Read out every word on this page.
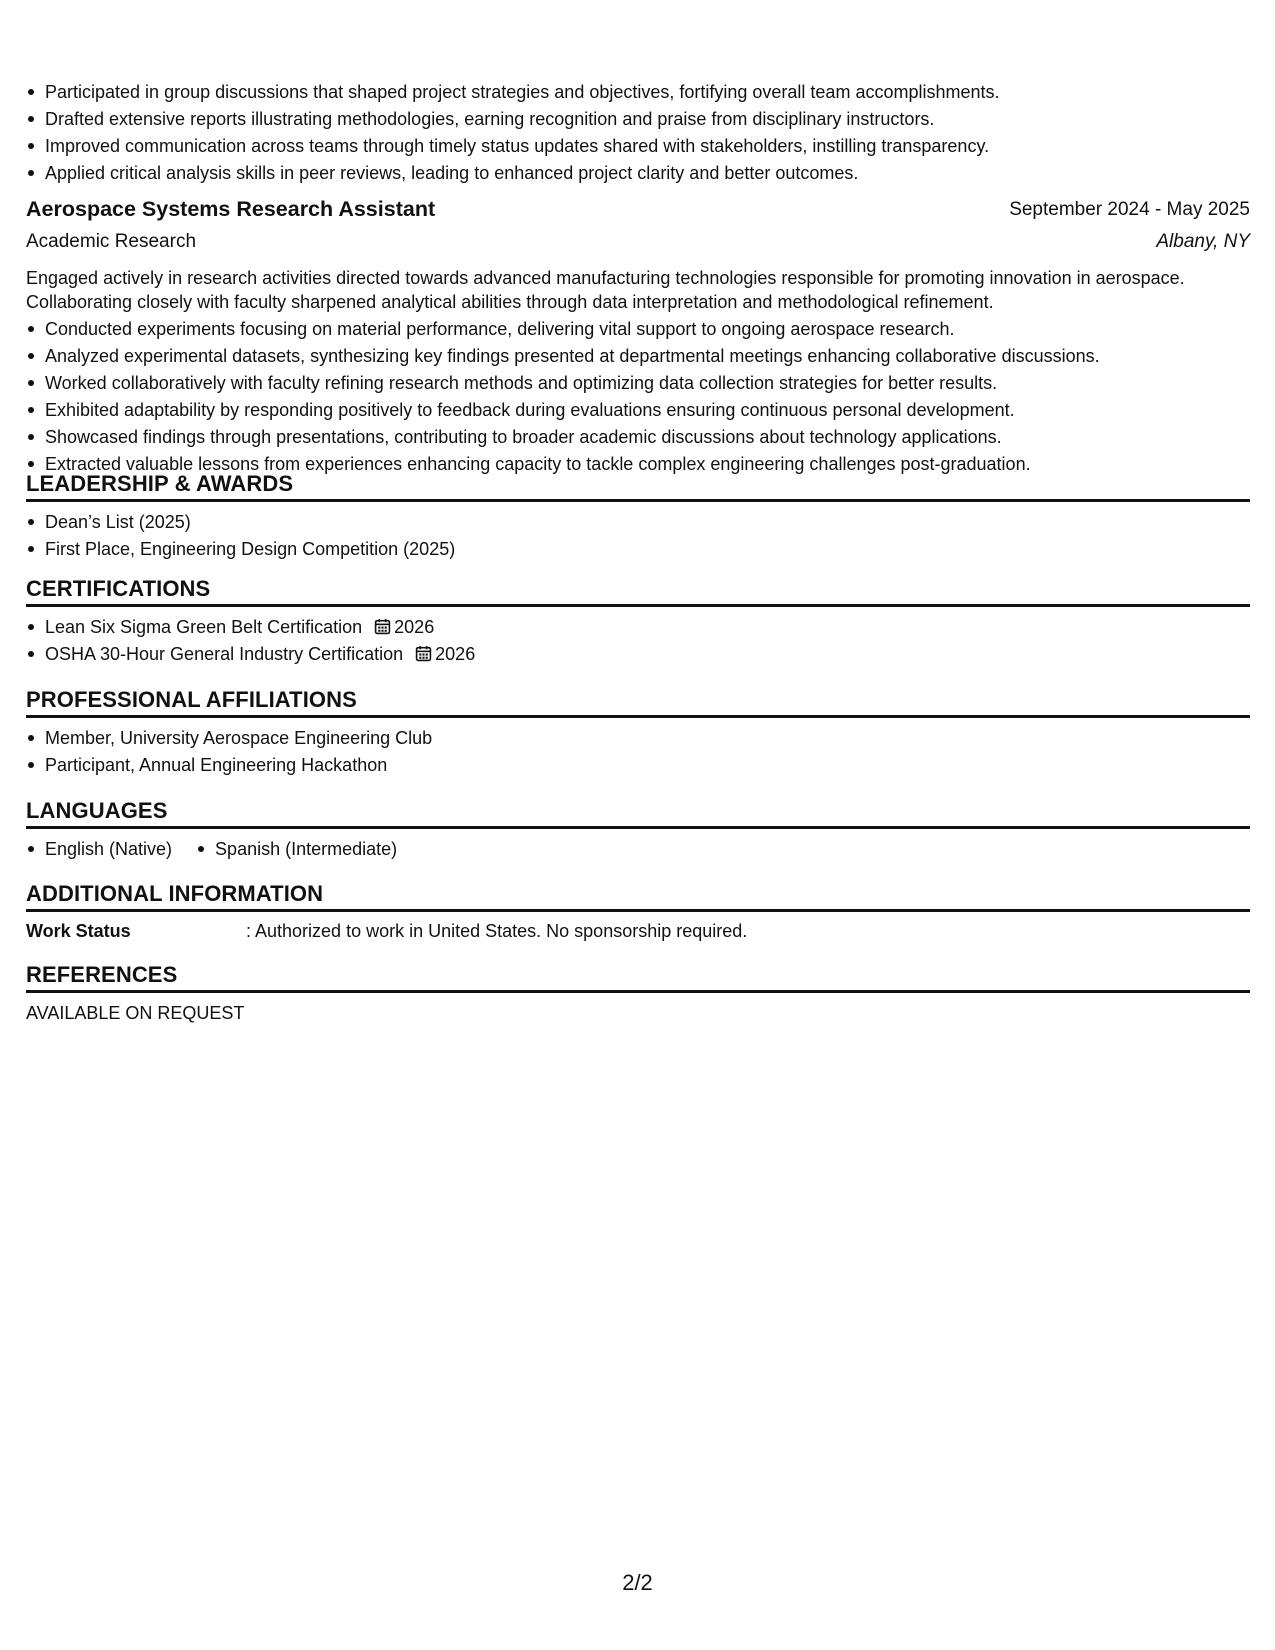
Participated in group discussions that shaped project strategies and objectives, fortifying overall team accomplishments.
Drafted extensive reports illustrating methodologies, earning recognition and praise from disciplinary instructors.
Improved communication across teams through timely status updates shared with stakeholders, instilling transparency.
Applied critical analysis skills in peer reviews, leading to enhanced project clarity and better outcomes.
Aerospace Systems Research Assistant	September 2024 - May 2025
Academic Research	Albany, NY
Engaged actively in research activities directed towards advanced manufacturing technologies responsible for promoting innovation in aerospace. Collaborating closely with faculty sharpened analytical abilities through data interpretation and methodological refinement.
Conducted experiments focusing on material performance, delivering vital support to ongoing aerospace research.
Analyzed experimental datasets, synthesizing key findings presented at departmental meetings enhancing collaborative discussions.
Worked collaboratively with faculty refining research methods and optimizing data collection strategies for better results.
Exhibited adaptability by responding positively to feedback during evaluations ensuring continuous personal development.
Showcased findings through presentations, contributing to broader academic discussions about technology applications.
Extracted valuable lessons from experiences enhancing capacity to tackle complex engineering challenges post-graduation.
LEADERSHIP & AWARDS
Dean’s List (2025)
First Place, Engineering Design Competition (2025)
CERTIFICATIONS
Lean Six Sigma Green Belt Certification 2026
OSHA 30-Hour General Industry Certification 2026
PROFESSIONAL AFFILIATIONS
Member, University Aerospace Engineering Club
Participant, Annual Engineering Hackathon
LANGUAGES
English (Native)	Spanish (Intermediate)
ADDITIONAL INFORMATION
Work Status	: Authorized to work in United States. No sponsorship required.
REFERENCES
AVAILABLE ON REQUEST
2/2
